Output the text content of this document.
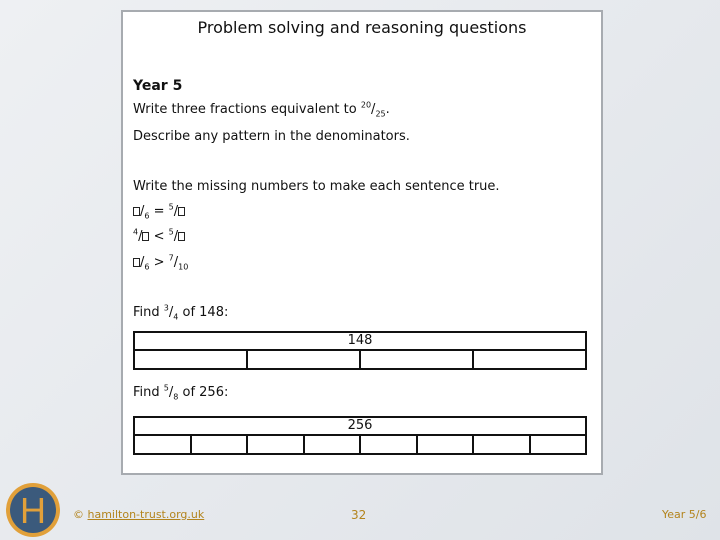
Problem solving and reasoning questions
Year 5
Write three fractions equivalent to $^{20}/_{25}$.
Describe any pattern in the denominators.
Write the missing numbers to make each sentence true.
$/_6 = ^5/$
$^4$/ < $^5$/
$/_6 > ^7/_{10}$
Find $^3/_4$ of 148:
148
Find $^5/_8$ of 256:
256
H © hamilton-trust.org.uk	32	Year 5/6
